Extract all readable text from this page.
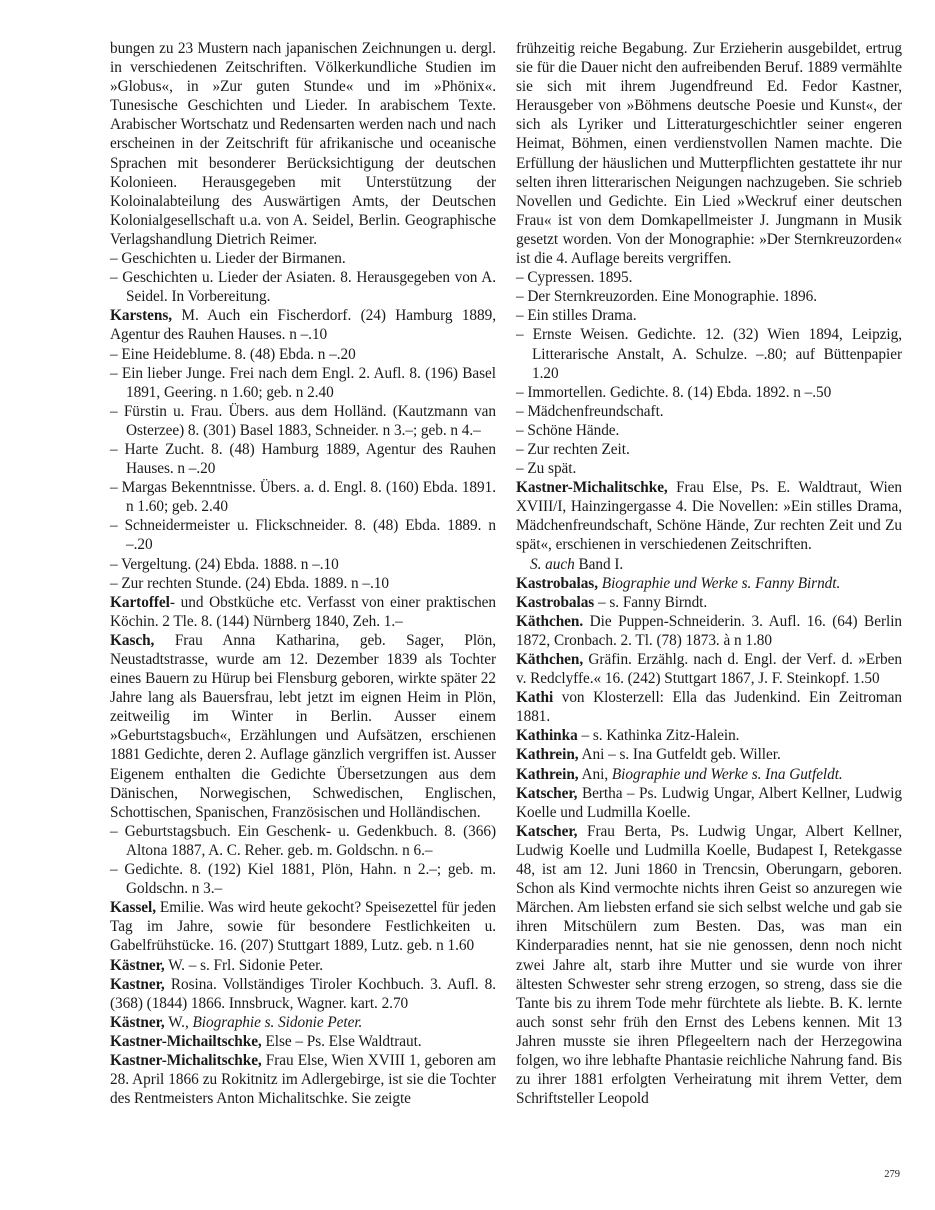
bungen zu 23 Mustern nach japanischen Zeichnungen u. dergl. in verschiedenen Zeitschriften. Völkerkundliche Studien im »Globus«, in »Zur guten Stunde« und im »Phönix«. Tunesische Geschichten und Lieder. In arabischem Texte. Arabischer Wortschatz und Redensarten werden nach und nach erscheinen in der Zeitschrift für afrikanische und oceanische Sprachen mit besonderer Berücksichtigung der deutschen Kolonieen. Herausgegeben mit Unterstützung der Koloinalabteilung des Auswärtigen Amts, der Deutschen Kolonialgesellschaft u.a. von A. Seidel, Berlin. Geographische Verlagshandlung Dietrich Reimer.

– Geschichten u. Lieder der Birmanen.

– Geschichten u. Lieder der Asiaten. 8. Herausgegeben von A. Seidel. In Vorbereitung.

Karstens, M. Auch ein Fischerdorf. (24) Hamburg 1889, Agentur des Rauhen Hauses. n –.10

– Eine Heideblume. 8. (48) Ebda. n –.20

– Ein lieber Junge. Frei nach dem Engl. 2. Aufl. 8. (196) Basel 1891, Geering. n 1.60; geb. n 2.40

– Fürstin u. Frau. Übers. aus dem Holländ. (Kautzmann van Osterzee) 8. (301) Basel 1883, Schneider. n 3.–; geb. n 4.–

– Harte Zucht. 8. (48) Hamburg 1889, Agentur des Rauhen Hauses. n –.20

– Margas Bekenntnisse. Übers. a. d. Engl. 8. (160) Ebda. 1891. n 1.60; geb. 2.40

– Schneidermeister u. Flickschneider. 8. (48) Ebda. 1889. n –.20

– Vergeltung. (24) Ebda. 1888. n –.10

– Zur rechten Stunde. (24) Ebda. 1889. n –.10

Kartoffel- und Obstküche etc. Verfasst von einer praktischen Köchin. 2 Tle. 8. (144) Nürnberg 1840, Zeh. 1.–

Kasch, Frau Anna Katharina, geb. Sager, Plön, Neustadtstrasse, wurde am 12. Dezember 1839 als Tochter eines Bauern zu Hürup bei Flensburg geboren, wirkte später 22 Jahre lang als Bauersfrau, lebt jetzt im eignen Heim in Plön, zeitweilig im Winter in Berlin. Ausser einem »Geburtstagsbuch«, Erzählungen und Aufsätzen, erschienen 1881 Gedichte, deren 2. Auflage gänzlich vergriffen ist. Ausser Eigenem enthalten die Gedichte Übersetzungen aus dem Dänischen, Norwegischen, Schwedischen, Englischen, Schottischen, Spanischen, Französischen und Holländischen.

– Geburtstagsbuch. Ein Geschenk- u. Gedenkbuch. 8. (366) Altona 1887, A. C. Reher. geb. m. Goldschn. n 6.–

– Gedichte. 8. (192) Kiel 1881, Plön, Hahn. n 2.–; geb. m. Goldschn. n 3.–

Kassel, Emilie. Was wird heute gekocht? Speisezettel für jeden Tag im Jahre, sowie für besondere Festlichkeiten u. Gabelfrühstücke. 16. (207) Stuttgart 1889, Lutz. geb. n 1.60

Kästner, W. – s. Frl. Sidonie Peter.

Kastner, Rosina. Vollständiges Tiroler Kochbuch. 3. Aufl. 8. (368) (1844) 1866. Innsbruck, Wagner. kart. 2.70

Kästner, W., Biographie s. Sidonie Peter.

Kastner-Michailtschke, Else – Ps. Else Waldtraut.

Kastner-Michalitschke, Frau Else, Wien XVIII 1, geboren am 28. April 1866 zu Rokitnitz im Adlergebirge, ist sie die Tochter des Rentmeisters Anton Michalitschke. Sie zeigte

frühzeitig reiche Begabung. Zur Erzieherin ausgebildet, ertrug sie für die Dauer nicht den aufreibenden Beruf. 1889 vermählte sie sich mit ihrem Jugendfreund Ed. Fedor Kastner, Herausgeber von »Böhmens deutsche Poesie und Kunst«, der sich als Lyriker und Litteraturgeschichtler seiner engeren Heimat, Böhmen, einen verdienstvollen Namen machte. Die Erfüllung der häuslichen und Mutterpflichten gestattete ihr nur selten ihren litterarischen Neigungen nachzugeben. Sie schrieb Novellen und Gedichte. Ein Lied »Weckruf einer deutschen Frau« ist von dem Domkapellmeister J. Jungmann in Musik gesetzt worden. Von der Monographie: »Der Sternkreuzorden« ist die 4. Auflage bereits vergriffen.

– Cypressen. 1895.

– Der Sternkreuzorden. Eine Monographie. 1896.

– Ein stilles Drama.

– Ernste Weisen. Gedichte. 12. (32) Wien 1894, Leipzig, Litterarische Anstalt, A. Schulze. –.80; auf Büttenpapier 1.20

– Immortellen. Gedichte. 8. (14) Ebda. 1892. n –.50

– Mädchenfreundschaft.

– Schöne Hände.

– Zur rechten Zeit.

– Zu spät.

Kastner-Michalitschke, Frau Else, Ps. E. Waldtraut, Wien XVIII/I, Hainzingergasse 4. Die Novellen: »Ein stilles Drama, Mädchenfreundschaft, Schöne Hände, Zur rechten Zeit und Zu spät«, erschienen in verschiedenen Zeitschriften.

S. auch Band I.

Kastrobalas, Biographie und Werke s. Fanny Birndt.

Kastrobalas – s. Fanny Birndt.

Käthchen. Die Puppen-Schneiderin. 3. Aufl. 16. (64) Berlin 1872, Cronbach. 2. Tl. (78) 1873. à n 1.80

Käthchen, Gräfin. Erzählg. nach d. Engl. der Verf. d. »Erben v. Redclyffe.« 16. (242) Stuttgart 1867, J. F. Steinkopf. 1.50

Kathi von Klosterzell: Ella das Judenkind. Ein Zeitroman 1881.

Kathinka – s. Kathinka Zitz-Halein.

Kathrein, Ani – s. Ina Gutfeldt geb. Willer.

Kathrein, Ani, Biographie und Werke s. Ina Gutfeldt.

Katscher, Bertha – Ps. Ludwig Ungar, Albert Kellner, Ludwig Koelle und Ludmilla Koelle.

Katscher, Frau Berta, Ps. Ludwig Ungar, Albert Kellner, Ludwig Koelle und Ludmilla Koelle, Budapest I, Retekgasse 48, ist am 12. Juni 1860 in Trencsin, Oberungarn, geboren. Schon als Kind vermochte nichts ihren Geist so anzuregen wie Märchen. Am liebsten erfand sie sich selbst welche und gab sie ihren Mitschülern zum Besten. Das, was man ein Kinderparadies nennt, hat sie nie genossen, denn noch nicht zwei Jahre alt, starb ihre Mutter und sie wurde von ihrer ältesten Schwester sehr streng erzogen, so streng, dass sie die Tante bis zu ihrem Tode mehr fürchtete als liebte. B. K. lernte auch sonst sehr früh den Ernst des Lebens kennen. Mit 13 Jahren musste sie ihren Pflegeeltern nach der Herzegowina folgen, wo ihre lebhafte Phantasie reichliche Nahrung fand. Bis zu ihrer 1881 erfolgten Verheiratung mit ihrem Vetter, dem Schriftsteller Leopold

279
